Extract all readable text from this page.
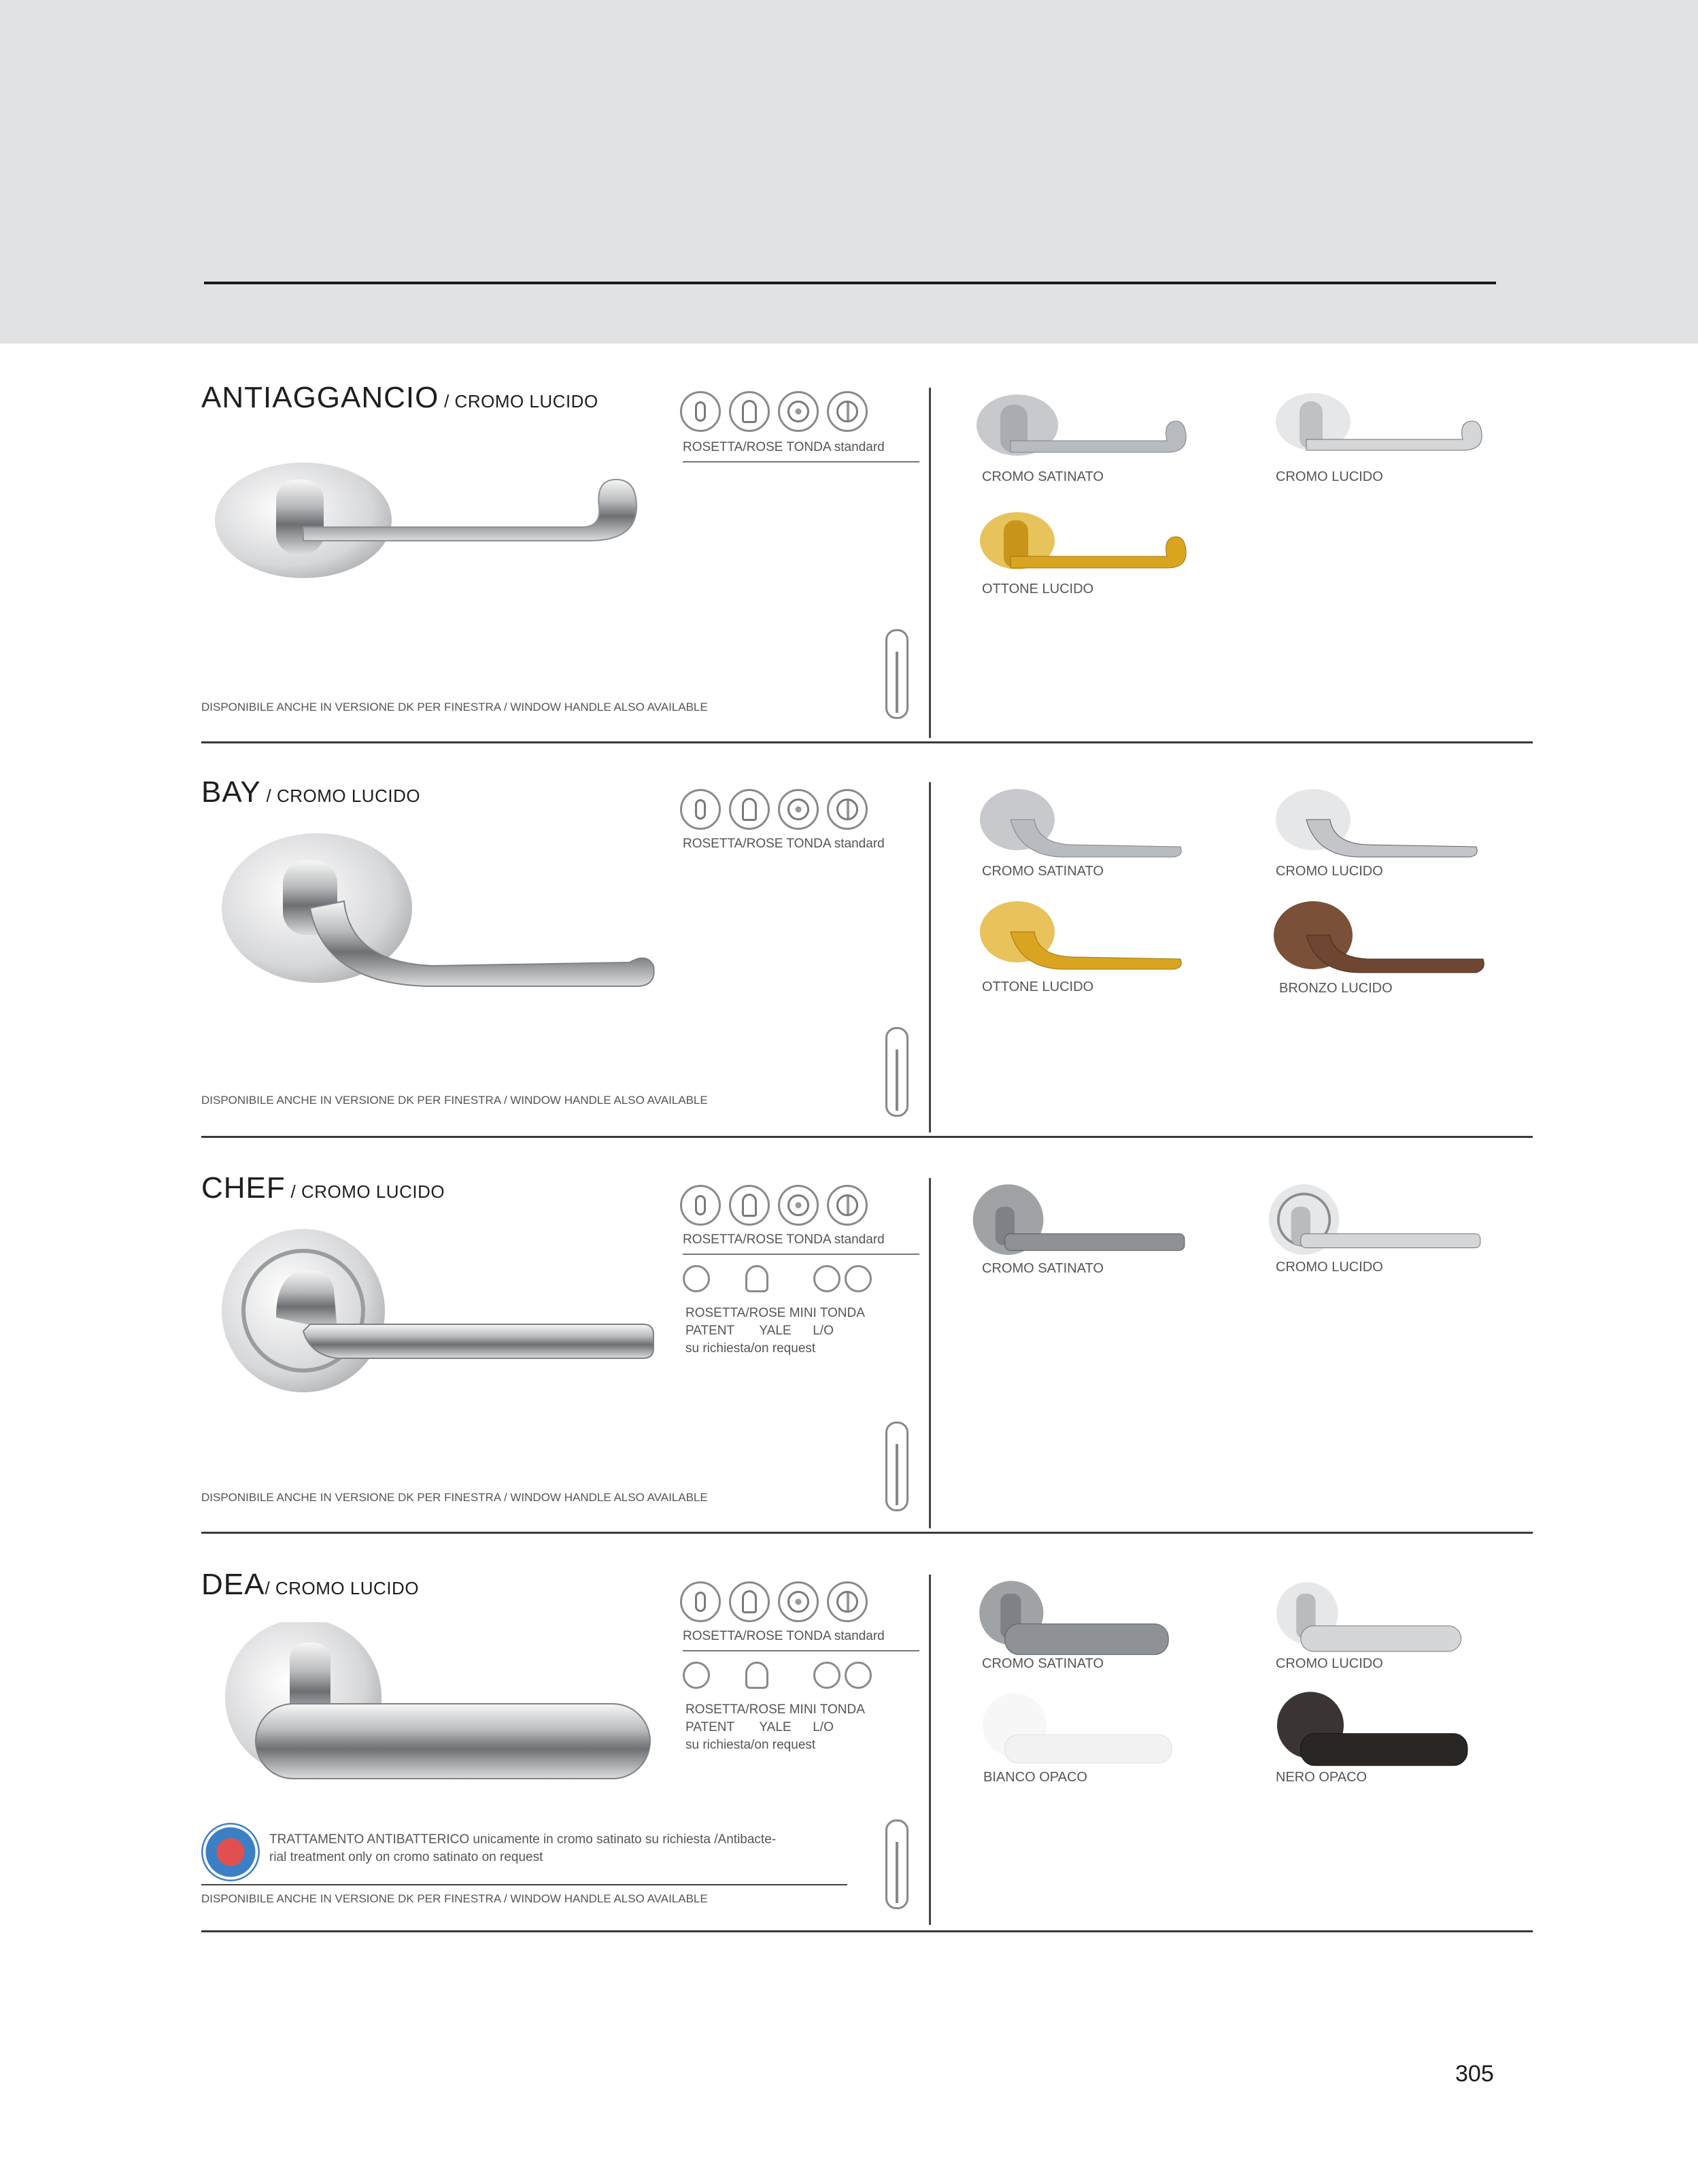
ANTIAGGANCIO / CROMO LUCIDO
ROSETTA/ROSE TONDA standard
DISPONIBILE ANCHE IN VERSIONE DK PER FINESTRA / WINDOW HANDLE ALSO AVAILABLE
CROMO SATINATO	CROMO LUCIDO
OTTONE LUCIDO
BAY / CROMO LUCIDO
ROSETTA/ROSE TONDA standard
DISPONIBILE ANCHE IN VERSIONE DK PER FINESTRA / WINDOW HANDLE ALSO AVAILABLE
CROMO SATINATO	CROMO LUCIDO
OTTONE LUCIDO	BRONZO LUCIDO
CHEF / CROMO LUCIDO
ROSETTA/ROSE TONDA standard
ROSETTA/ROSE MINI TONDA
PATENT       YALE      L/O
su richiesta/on request
DISPONIBILE ANCHE IN VERSIONE DK PER FINESTRA / WINDOW HANDLE ALSO AVAILABLE
CROMO SATINATO	CROMO LUCIDO
DEA/ CROMO LUCIDO
ROSETTA/ROSE TONDA standard
ROSETTA/ROSE MINI TONDA
PATENT       YALE      L/O
su richiesta/on request
TRATTAMENTO ANTIBATTERICO unicamente in cromo satinato su richiesta /Antibacte-
rial treatment only on cromo satinato on request
DISPONIBILE ANCHE IN VERSIONE DK PER FINESTRA / WINDOW HANDLE ALSO AVAILABLE
CROMO SATINATO	CROMO LUCIDO
BIANCO OPACO	NERO OPACO
305
